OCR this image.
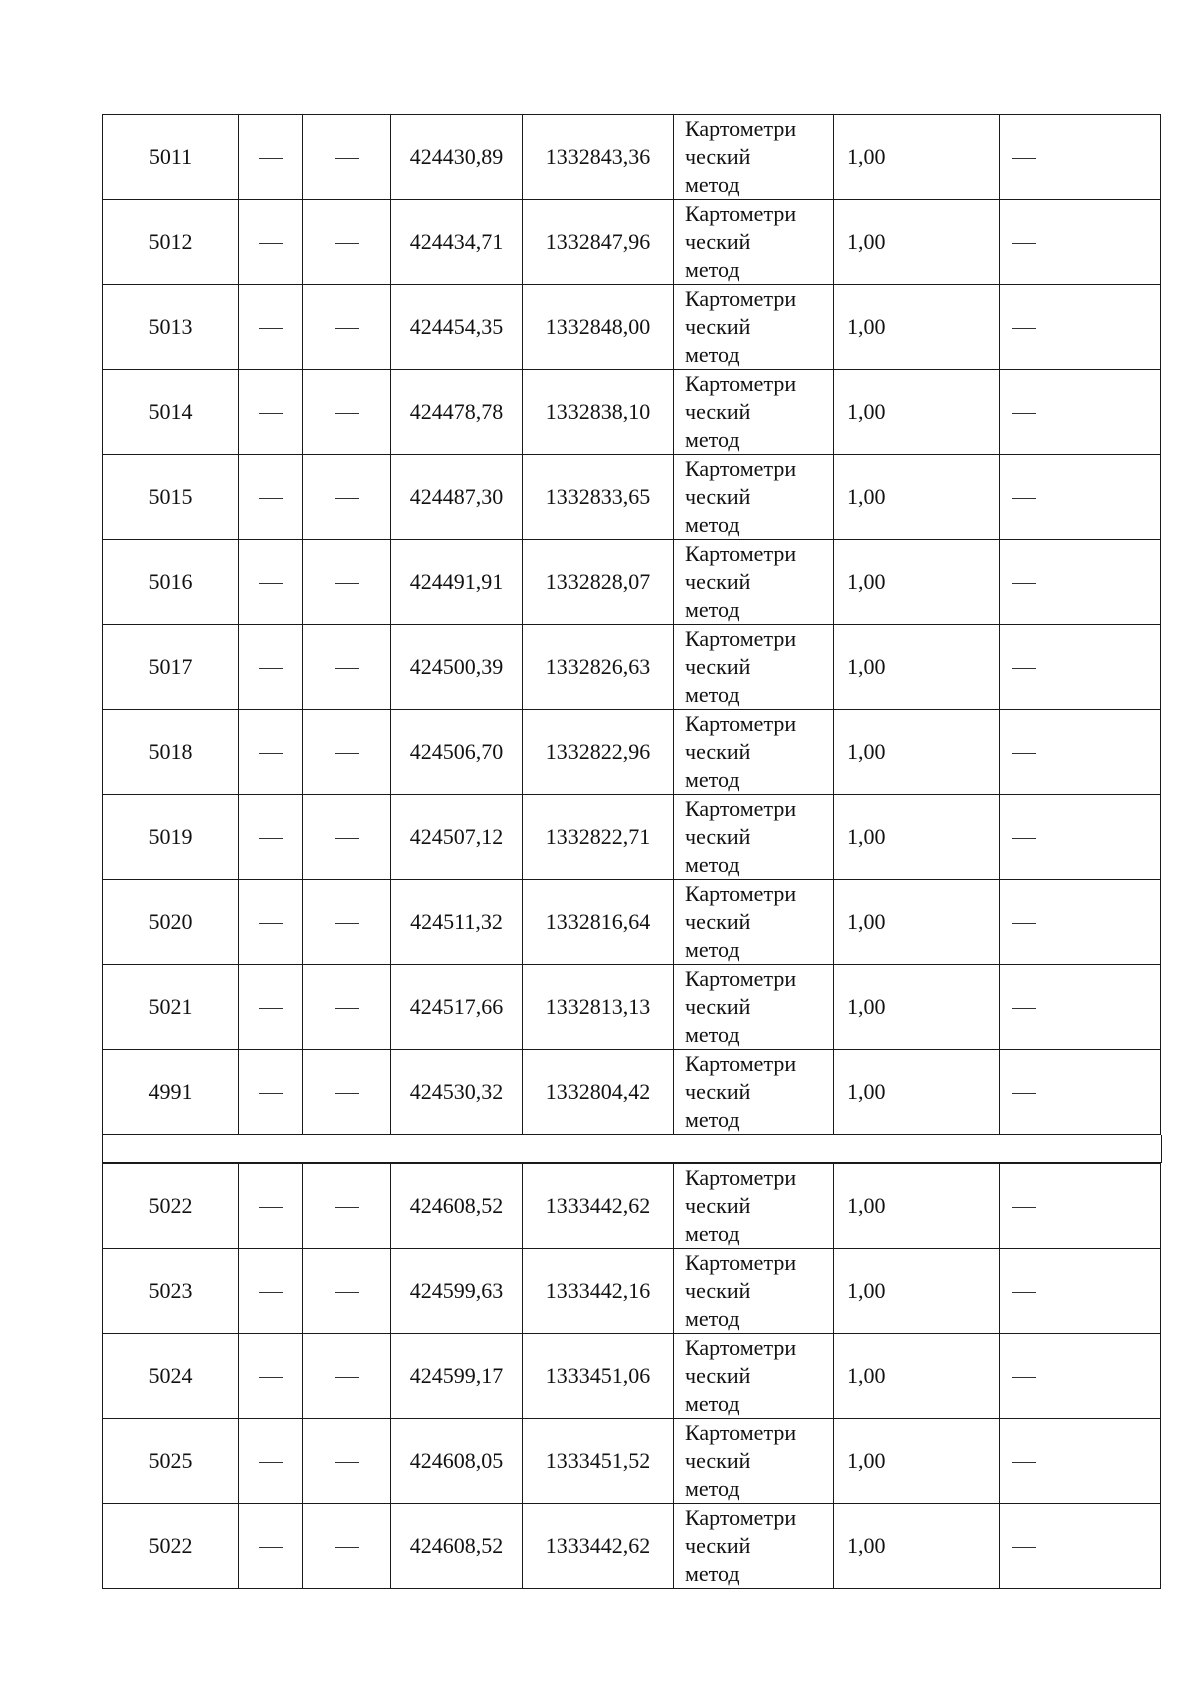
5011			424430,89	1332843,36	Картометри
ческий
метод	1,00	
5012			424434,71	1332847,96	Картометри
ческий
метод	1,00	
5013			424454,35	1332848,00	Картометри
ческий
метод	1,00	
5014			424478,78	1332838,10	Картометри
ческий
метод	1,00	
5015			424487,30	1332833,65	Картометри
ческий
метод	1,00	
5016			424491,91	1332828,07	Картометри
ческий
метод	1,00	
5017			424500,39	1332826,63	Картометри
ческий
метод	1,00	
5018			424506,70	1332822,96	Картометри
ческий
метод	1,00	
5019			424507,12	1332822,71	Картометри
ческий
метод	1,00	
5020			424511,32	1332816,64	Картометри
ческий
метод	1,00	
5021			424517,66	1332813,13	Картометри
ческий
метод	1,00	
4991			424530,32	1332804,42	Картометри
ческий
метод	1,00	
5022			424608,52	1333442,62	Картометри
ческий
метод	1,00	
5023			424599,63	1333442,16	Картометри
ческий
метод	1,00	
5024			424599,17	1333451,06	Картометри
ческий
метод	1,00	
5025			424608,05	1333451,52	Картометри
ческий
метод	1,00	
5022			424608,52	1333442,62	Картометри
ческий
метод	1,00	
